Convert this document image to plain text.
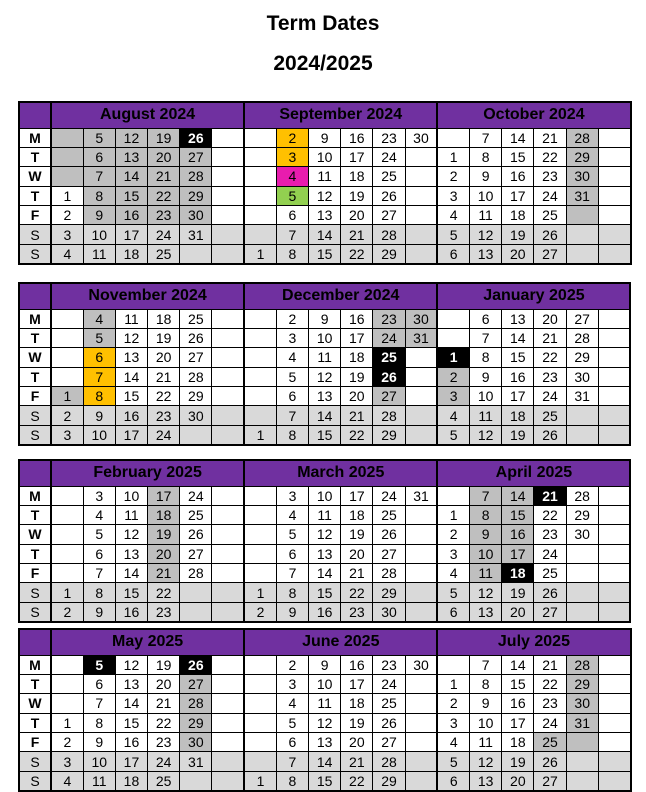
Term Dates
2024/2025
	August 2024						September 2024						October 2024					
M		5	12	19	26			2	9	16	23	30		7	14	21	28	
T		6	13	20	27			3	10	17	24		1	8	15	22	29	
W		7	14	21	28			4	11	18	25		2	9	16	23	30	
T	1	8	15	22	29			5	12	19	26		3	10	17	24	31	
F	2	9	16	23	30			6	13	20	27		4	11	18	25		
S	3	10	17	24	31			7	14	21	28		5	12	19	26		
S	4	11	18	25			1	8	15	22	29		6	13	20	27		
	November 2024						December 2024						January 2025					
M		4	11	18	25			2	9	16	23	30		6	13	20	27	
T		5	12	19	26			3	10	17	24	31		7	14	21	28	
W		6	13	20	27			4	11	18	25		1	8	15	22	29	
T		7	14	21	28			5	12	19	26		2	9	16	23	30	
F	1	8	15	22	29			6	13	20	27		3	10	17	24	31	
S	2	9	16	23	30			7	14	21	28		4	11	18	25		
S	3	10	17	24			1	8	15	22	29		5	12	19	26		
	February 2025						March 2025						April 2025					
M		3	10	17	24			3	10	17	24	31		7	14	21	28	
T		4	11	18	25			4	11	18	25		1	8	15	22	29	
W		5	12	19	26			5	12	19	26		2	9	16	23	30	
T		6	13	20	27			6	13	20	27		3	10	17	24		
F		7	14	21	28			7	14	21	28		4	11	18	25		
S	1	8	15	22			1	8	15	22	29		5	12	19	26		
S	2	9	16	23			2	9	16	23	30		6	13	20	27		
	May 2025						June 2025						July 2025					
M		5	12	19	26			2	9	16	23	30		7	14	21	28	
T		6	13	20	27			3	10	17	24		1	8	15	22	29	
W		7	14	21	28			4	11	18	25		2	9	16	23	30	
T	1	8	15	22	29			5	12	19	26		3	10	17	24	31	
F	2	9	16	23	30			6	13	20	27		4	11	18	25		
S	3	10	17	24	31			7	14	21	28		5	12	19	26		
S	4	11	18	25			1	8	15	22	29		6	13	20	27		
